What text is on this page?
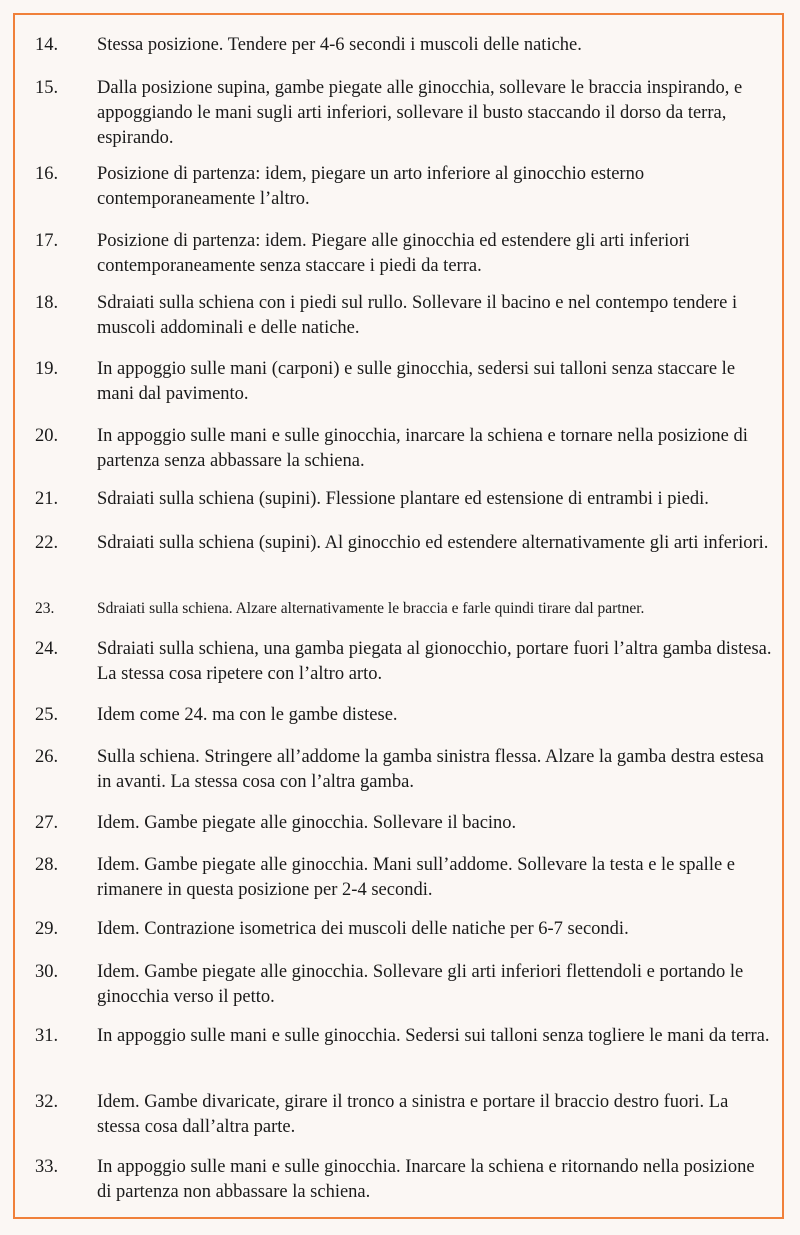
14.	Stessa posizione. Tendere per 4-6 secondi i muscoli delle natiche.
15.	Dalla posizione supina, gambe piegate alle ginocchia, sollevare le braccia inspirando, e appoggiando le mani sugli arti inferiori, sollevare il busto staccando il dorso da terra, espirando.
16.	Posizione di partenza: idem, piegare un arto inferiore al ginocchio esterno contemporaneamente l’altro.
17.	Posizione di partenza: idem. Piegare alle ginocchia ed estendere gli arti inferiori contemporaneamente senza staccare i piedi da terra.
18.	Sdraiati sulla schiena con i piedi sul rullo. Sollevare il bacino e nel contempo tendere i muscoli addominali e delle natiche.
19.	In appoggio sulle mani (carponi) e sulle ginocchia, sedersi sui talloni senza staccare le mani dal pavimento.
20.	In appoggio sulle mani e sulle ginocchia, inarcare la schiena e tornare nella posizione di partenza senza abbassare la schiena.
21.	Sdraiati sulla schiena (supini). Flessione plantare ed estensione di entrambi i piedi.
22.	Sdraiati sulla schiena (supini). Al ginocchio ed estendere alternativamente gli arti inferiori.
23.	Sdraiati sulla schiena. Alzare alternativamente le braccia e farle quindi tirare dal partner.
24.	Sdraiati sulla schiena, una gamba piegata al gionocchio, portare fuori l’altra gamba distesa. La stessa cosa ripetere con l’altro arto.
25.	Idem come 24. ma con le gambe distese.
26.	Sulla schiena. Stringere all’addome la gamba sinistra flessa. Alzare la gamba destra estesa in avanti. La stessa cosa con l’altra gamba.
27.	Idem. Gambe piegate alle ginocchia. Sollevare il bacino.
28.	Idem. Gambe piegate alle ginocchia. Mani sull’addome. Sollevare la testa e le spalle e rimanere in questa posizione per 2-4 secondi.
29.	Idem. Contrazione isometrica dei muscoli delle natiche per 6-7 secondi.
30.	Idem. Gambe piegate alle ginocchia. Sollevare gli arti inferiori flettendoli e portando le ginocchia verso il petto.
31.	In appoggio sulle mani e sulle ginocchia. Sedersi sui talloni senza togliere le mani da terra.
32.	Idem. Gambe divaricate, girare il tronco a sinistra e portare il braccio destro fuori. La stessa cosa dall’altra parte.
33.	In appoggio sulle mani e sulle ginocchia. Inarcare la schiena e ritornando nella posizione di partenza non abbassare la schiena.
